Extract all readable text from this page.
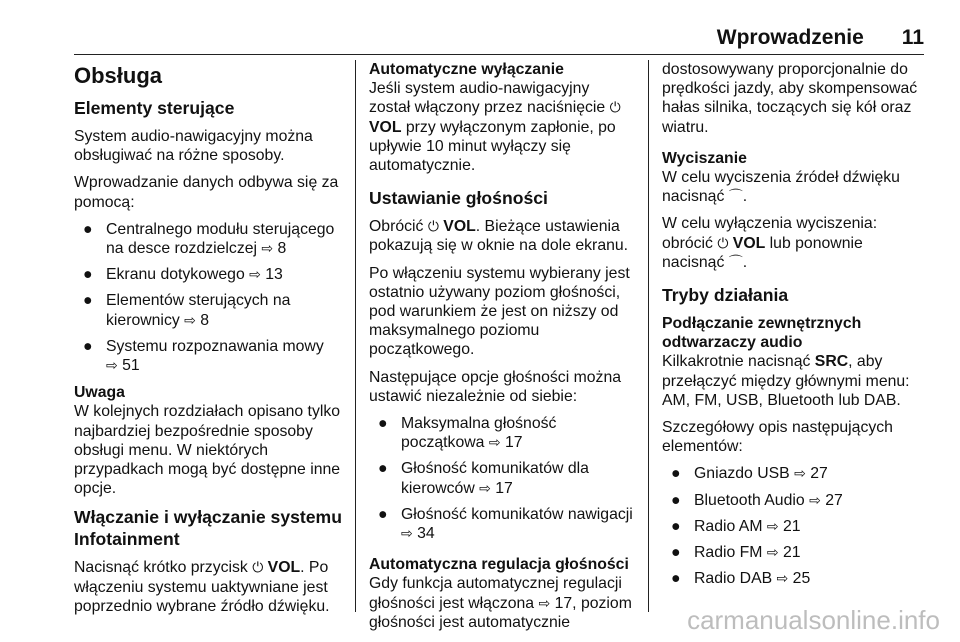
Wprowadzenie 11
Obsługa
Elementy sterujące

System audio-nawigacyjny można obsługiwać na różne sposoby.

Wprowadzanie danych odbywa się za pomocą:

● Centralnego modułu sterującego na desce rozdzielczej ⇨ 8
● Ekranu dotykowego ⇨ 13
● Elementów sterujących na kierownicy ⇨ 8
● Systemu rozpoznawania mowy
⇨ 51
Uwaga

W kolejnych rozdziałach opisano tylko najbardziej bezpośrednie sposoby obsługi menu. W niektórych przypadkach mogą być dostępne inne opcje.

Włączanie i wyłączanie systemu Infotainment

Nacisnąć krótko przycisk ⏻ VOL. Po włączeniu systemu uaktywniane jest poprzednio wybrane źródło dźwięku.

Automatyczne wyłączanie

Jeśli system audio-nawigacyjny został włączony przez naciśnięcie ⏻
VOL przy wyłączonym zapłonie, po upływie 10 minut wyłączy się automatycznie.

Ustawianie głośności

Obrócić ⏻ VOL. Bieżące ustawienia pokazują się w oknie na dole ekranu.

Po włączeniu systemu wybierany jest ostatnio używany poziom głośności, pod warunkiem że jest on niższy od maksymalnego poziomu początkowego.

Następujące opcje głośności można ustawić niezależnie od siebie:

● Maksymalna głośność początkowa ⇨ 17
● Głośność komunikatów dla kierowców ⇨ 17
● Głośność komunikatów nawigacji ⇨ 34
Automatyczna regulacja głośności

Gdy funkcja automatycznej regulacji głośności jest włączona ⇨ 17, poziom głośności jest automatycznie

dostosowywany proporcjonalnie do prędkości jazdy, aby skompensować hałas silnika, toczących się kół oraz wiatru.

Wyciszanie

W celu wyciszenia źródeł dźwięku nacisnąć ⌒.

W celu wyłączenia wyciszenia: obrócić ⏻ VOL lub ponownie nacisnąć ⌒.

Tryby działania
Podłączanie zewnętrznych odtwarzaczy audio

Kilkakrotnie nacisnąć SRC, aby przełączyć między głównymi menu: AM, FM, USB, Bluetooth lub DAB.

Szczegółowy opis następujących elementów:

● Gniazdo USB ⇨ 27
● Bluetooth Audio ⇨ 27
● Radio AM ⇨ 21
● Radio FM ⇨ 21
● Radio DAB ⇨ 25
carmanualsonline.info
